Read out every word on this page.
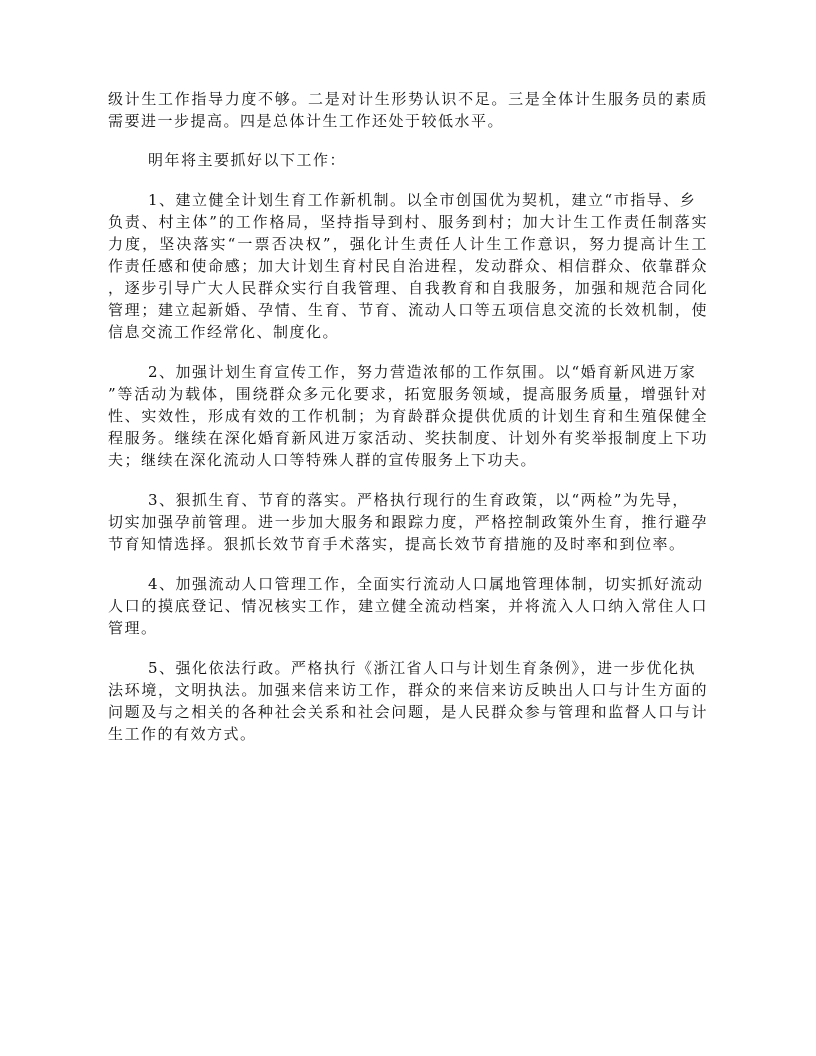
级计生工作指导力度不够。二是对计生形势认识不足。三是全体计生服务员的素质
需要进一步提高。四是总体计生工作还处于较低水平。
明年将主要抓好以下工作：
1、建立健全计划生育工作新机制。以全市创国优为契机，建立“市指导、乡
负责、村主体”的工作格局，坚持指导到村、服务到村；加大计生工作责任制落实
力度，坚决落实“一票否决权”，强化计生责任人计生工作意识，努力提高计生工
作责任感和使命感；加大计划生育村民自治进程，发动群众、相信群众、依靠群众
，逐步引导广大人民群众实行自我管理、自我教育和自我服务，加强和规范合同化
管理；建立起新婚、孕情、生育、节育、流动人口等五项信息交流的长效机制，使
信息交流工作经常化、制度化。
2、加强计划生育宣传工作，努力营造浓郁的工作氛围。以“婚育新风进万家
”等活动为载体，围绕群众多元化要求，拓宽服务领域，提高服务质量，增强针对
性、实效性，形成有效的工作机制；为育龄群众提供优质的计划生育和生殖保健全
程服务。继续在深化婚育新风进万家活动、奖扶制度、计划外有奖举报制度上下功
夫；继续在深化流动人口等特殊人群的宣传服务上下功夫。
3、狠抓生育、节育的落实。严格执行现行的生育政策，以“两检”为先导，
切实加强孕前管理。进一步加大服务和跟踪力度，严格控制政策外生育，推行避孕
节育知情选择。狠抓长效节育手术落实，提高长效节育措施的及时率和到位率。
4、加强流动人口管理工作，全面实行流动人口属地管理体制，切实抓好流动
人口的摸底登记、情况核实工作，建立健全流动档案，并将流入人口纳入常住人口
管理。
5、强化依法行政。严格执行《浙江省人口与计划生育条例》，进一步优化执
法环境，文明执法。加强来信来访工作，群众的来信来访反映出人口与计生方面的
问题及与之相关的各种社会关系和社会问题，是人民群众参与管理和监督人口与计
生工作的有效方式。
